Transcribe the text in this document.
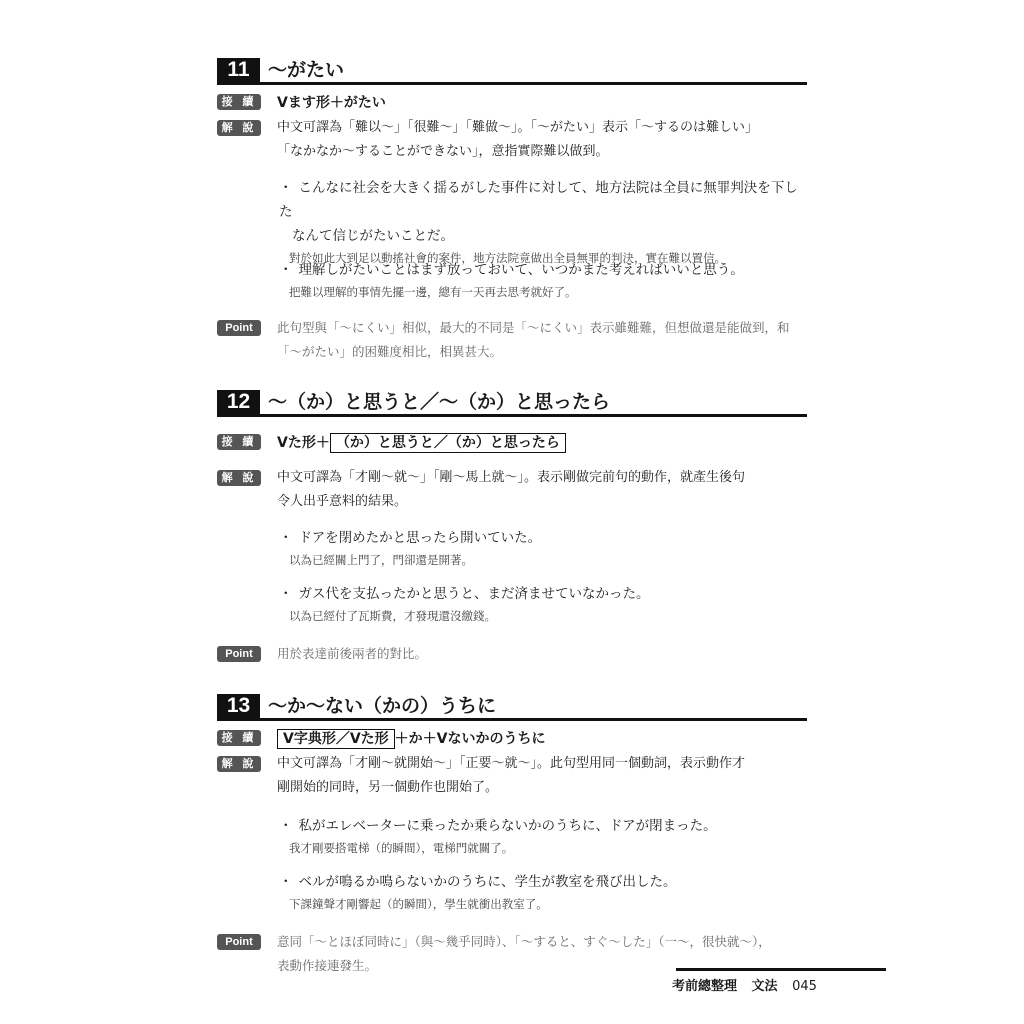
11 ～がたい
接 續	Vます形＋がたい
解 說	中文可譯為「難以～」「很難～」「難做～」。「～がたい」表示「～するのは難しい」
「なかなか～することができない」，意指實際難以做到。
・ こんなに社会を大きく揺るがした事件に対して、地方法院は全員に無罪判決を下した
なんて信じがたいことだ。
對於如此大到足以動搖社會的案件，地方法院竟做出全員無罪的判決，實在難以置信。
・ 理解しがたいことはまず放っておいて、いつかまた考えればいいと思う。
把難以理解的事情先擺一邊，總有一天再去思考就好了。
Point	此句型與「～にくい」相似，最大的不同是「～にくい」表示雖難難，但想做還是能做到，和
「～がたい」的困難度相比，相異甚大。
12 ～（か）と思うと／～（か）と思ったら
接 續	Vた形＋ （か）と思うと／（か）と思ったら
解 說	中文可譯為「才剛～就～」「剛～馬上就～」。表示剛做完前句的動作，就產生後句
令人出乎意料的結果。
・ ドアを閉めたかと思ったら開いていた。
以為已經關上門了，門卻還是開著。
・ ガス代を支払ったかと思うと、まだ済ませていなかった。
以為已經付了瓦斯費，才發現還沒繳錢。
Point	用於表達前後兩者的對比。
13 ～か～ない（かの）うちに
接 續	V字典形／Vた形 ＋か＋Vないかのうちに
解 說	中文可譯為「才剛～就開始～」「正要～就～」。此句型用同一個動詞，表示動作才
剛開始的同時，另一個動作也開始了。
・ 私がエレベーターに乗ったか乗らないかのうちに、ドアが閉まった。
我才剛要搭電梯（的瞬間），電梯門就關了。
・ ベルが鳴るか鳴らないかのうちに、学生が教室を飛び出した。
下課鐘聲才剛響起（的瞬間），學生就衝出教室了。
Point	意同「～とほぼ同時に」（與～幾乎同時）、「～すると、すぐ～した」（一～，很快就～），
表動作接連發生。
考前總整理 文法 045
